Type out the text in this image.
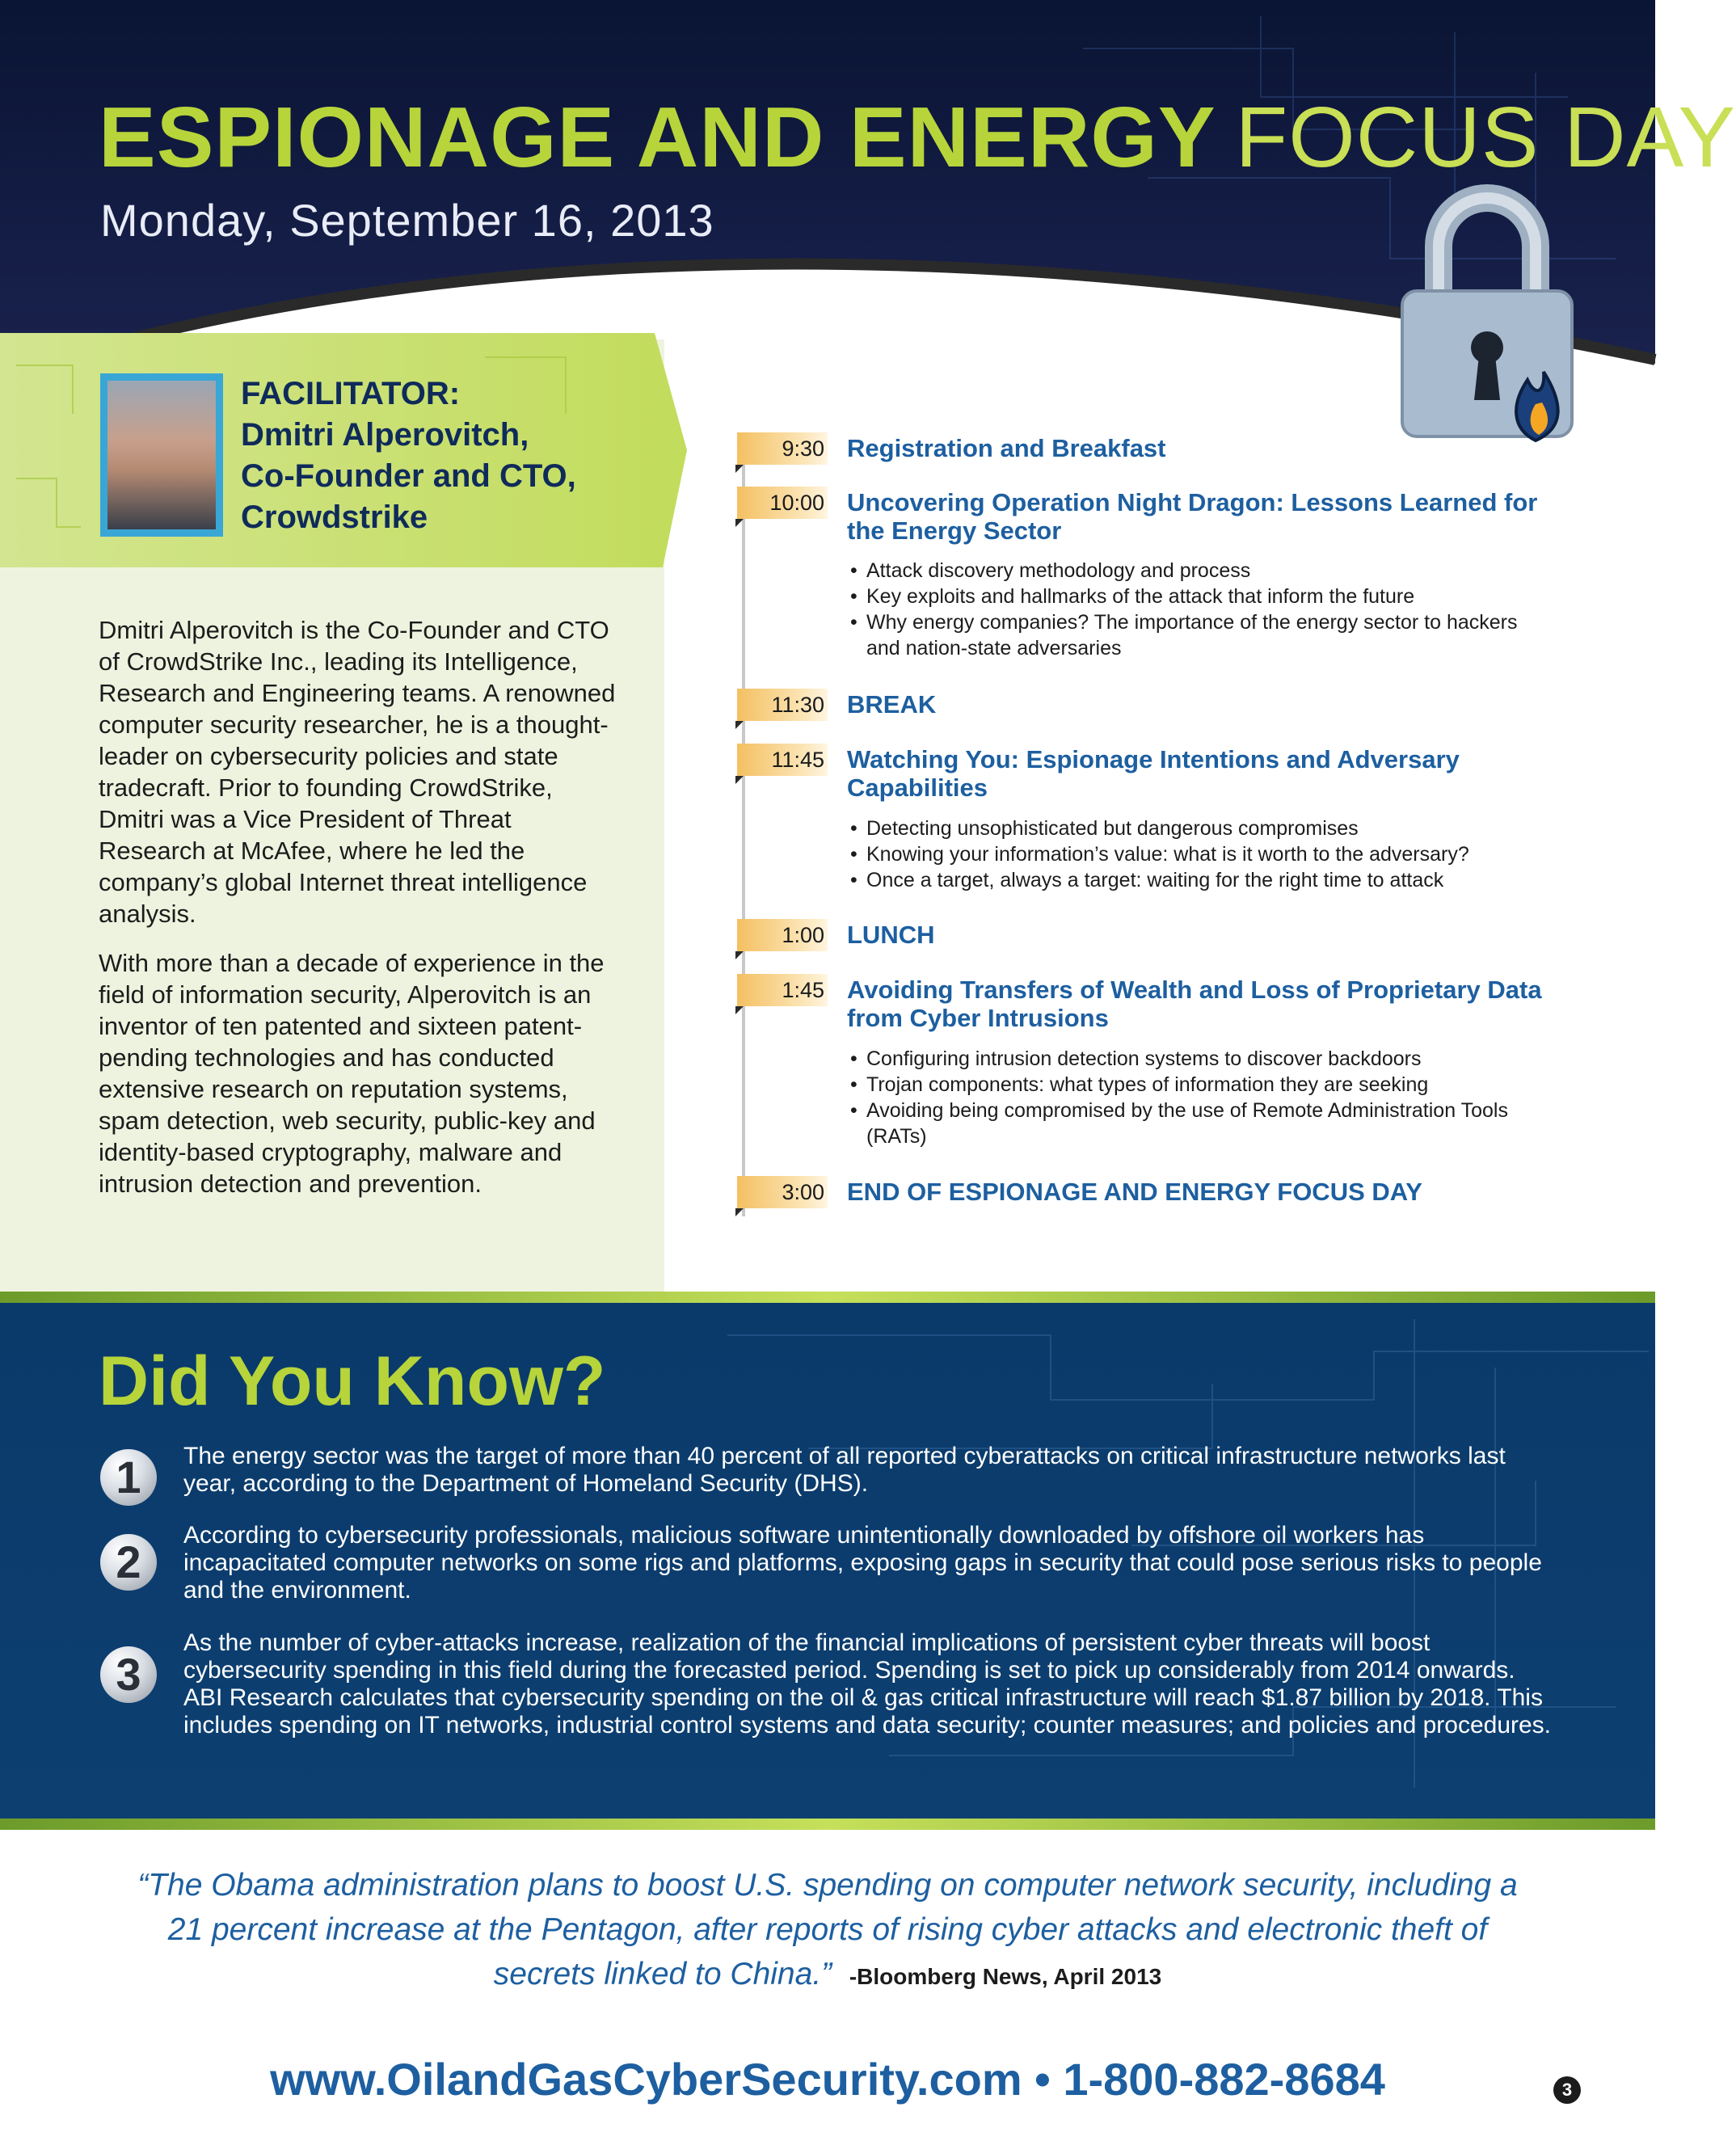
ESPIONAGE AND ENERGY FOCUS DAY
Monday, September 16, 2013
FACILITATOR:
Dmitri Alperovitch,
Co-Founder and CTO,
Crowdstrike

Dmitri Alperovitch is the Co-Founder and CTO of CrowdStrike Inc., leading its Intelligence, Research and Engineering teams. A renowned computer security researcher, he is a thought-leader on cybersecurity policies and state tradecraft. Prior to founding CrowdStrike, Dmitri was a Vice President of Threat Research at McAfee, where he led the company’s global Internet threat intelligence analysis.

With more than a decade of experience in the field of information security, Alperovitch is an inventor of ten patented and sixteen patent-pending technologies and has conducted extensive research on reputation systems, spam detection, web security, public-key and identity-based cryptography, malware and intrusion detection and prevention.

9:30 Registration and Breakfast
10:00 Uncovering Operation Night Dragon: Lessons Learned for the Energy Sector
• Attack discovery methodology and process
• Key exploits and hallmarks of the attack that inform the future
• Why energy companies? The importance of the energy sector to hackers and nation-state adversaries
11:30 BREAK
11:45 Watching You: Espionage Intentions and Adversary Capabilities
• Detecting unsophisticated but dangerous compromises
• Knowing your information’s value: what is it worth to the adversary?
• Once a target, always a target: waiting for the right time to attack
1:00 LUNCH
1:45 Avoiding Transfers of Wealth and Loss of Proprietary Data from Cyber Intrusions
• Configuring intrusion detection systems to discover backdoors
• Trojan components: what types of information they are seeking
• Avoiding being compromised by the use of Remote Administration Tools (RATs)
3:00 END OF ESPIONAGE AND ENERGY FOCUS DAY
Did You Know?
1	The energy sector was the target of more than 40 percent of all reported cyberattacks on critical infrastructure networks last year, according to the Department of Homeland Security (DHS).
2
According to cybersecurity professionals, malicious software unintentionally downloaded by offshore oil workers has incapacitated computer networks on some rigs and platforms, exposing gaps in security that could pose serious risks to people and the environment.
3
As the number of cyber-attacks increase, realization of the financial implications of persistent cyber threats will boost cybersecurity spending in this field during the forecasted period. Spending is set to pick up considerably from 2014 onwards. ABI Research calculates that cybersecurity spending on the oil & gas critical infrastructure will reach $1.87 billion by 2018. This includes spending on IT networks, industrial control systems and data security; counter measures; and policies and procedures.
“The Obama administration plans to boost U.S. spending on computer network security, including a 21 percent increase at the Pentagon, after reports of rising cyber attacks and electronic theft of secrets linked to China.” -Bloomberg News, April 2013
www.OilandGasCyberSecurity.com • 1-800-882-8684	3
